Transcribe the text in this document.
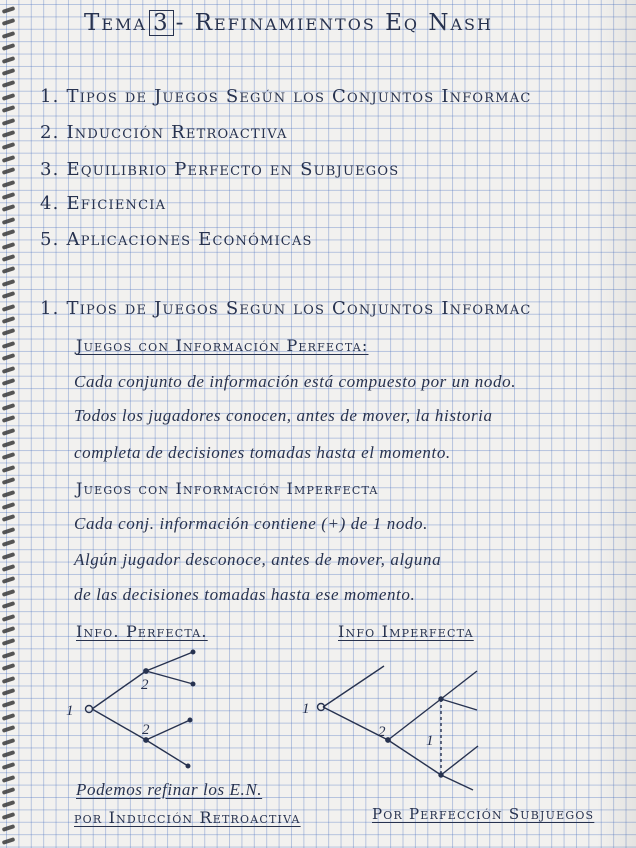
Tema 3 - Refinamientos Eq Nash
1. Tipos de Juegos Según los Conjuntos Informac
2. Inducción Retroactiva
3. Equilibrio Perfecto en Subjuegos
4. Eficiencia
5. Aplicaciones Económicas
1. Tipos de Juegos Segun los Conjuntos Informac
Juegos con Información Perfecta:
Cada conjunto de información está compuesto por un nodo.
Todos los jugadores conocen, antes de mover, la historia
completa de decisiones tomadas hasta el momento.
Juegos con Información Imperfecta
Cada conj. información contiene (+) de 1 nodo.
Algún jugador desconoce, antes de mover, alguna
de las decisiones tomadas hasta ese momento.
Info. Perfecta.	Info Imperfecta
1
2
2
1
2
1
Podemos refinar los E.N.
por Inducción Retroactiva	Por Perfección Subjuegos
